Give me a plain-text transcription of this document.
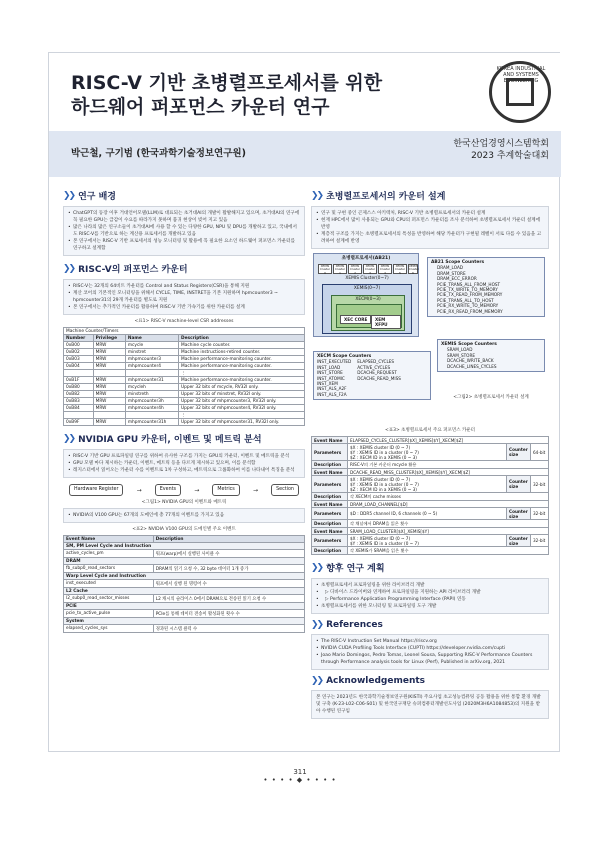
RISC-V 기반 초병렬프로세서를 위한
하드웨어 퍼포먼스 카운터 연구
KOREA INDUSTRIAL AND SYSTEMS ENGINEERING
박근철, 구기범 (한국과학기술정보연구원)
한국산업경영시스템학회
2023 추계학술대회
❯❯ 연구 배경
• ChatGPT의 등장 이후 거대언어모델(LLM)로 대표되는 초거대AI의 개발이 활발해지고 있으며, 초거대AI의 연구에 꼭 필요한 GPU는 급감이 수요를 따라가지 못하며 품귀 현상이 빚어 지고 있음
• 많은 나라의 많은 연구소들이 초거대AI에 사용 할 수 있는 다양한 GPU, NPU 및 DPU를 개발하고 있고, 국내에서도 RISC-V를 기반으로 하는 계산용 프로세서를 개발하고 있음
• 본 연구에서는 RISC-V 기반 프로세서의 성능 모니터링 및 활용에 꼭 필요한 요소인 하드웨어 퍼포먼스 카운터를 연구하고 설계함
❯❯ RISC-V의 퍼포먼스 카운터
• RISC-V는 32개의 64비트 카운터를 Control and Status Registers(CSR)을 통해 지원
• 계산 코어의 기본적인 모니터링을 위해서 CYCLE, TIME, INSTRET을 기본 지원하며 hpmcounter3 ~ hpmcounter31의 29개 카운터를 별도로 지원
• 본 연구에서는 추가적인 카운터를 활용하여 RISC-V 기반 가속기를 위한 카운터를 설계
<표1> RISC-V machine-level CSR addresses
Machine Counter/Timers			
Number	Privilege	Name	Description
0xB00	MRW	mcycle	Machine cycle counter.
0xB02	MRW	minstret	Machine instructions-retired counter.
0xB03	MRW	mhpmcounter3	Machine performance-monitoring counter.
0xB04	MRW	mhpmcounter4	Machine performance-monitoring counter.
			⋮
0xB1F	MRW	mhpmcounter31	Machine performance-monitoring counter.
0xB80	MRW	mcycleh	Upper 32 bits of mcycle, RV32I only.
0xB82	MRW	minstreth	Upper 32 bits of minstret, RV32I only.
0xB83	MRW	mhpmcounter3h	Upper 32 bits of mhpmcounter3, RV32I only.
0xB84	MRW	mhpmcounter4h	Upper 32 bits of mhpmcounter4, RV32I only.
			⋮
0xB9F	MRW	mhpmcounter31h	Upper 32 bits of mhpmcounter31, RV32I only.
❯❯ NVIDIA GPU 카운터, 이벤트 및 메트릭 분석
• RISC-V 기반 GPU 프로파일링 연구를 위하여 유사한 구조를 가지는 GPU의 카운터, 이벤트 및 메트릭을 분석
• GPU 모델 마다 제시하는 카운터, 이벤트, 메트릭 등을 다르게 제시하고 있으며, 이를 분석함
• 레지스터에서 읽어오는 카운터 수를 이벤트로 1차 구성하고, 메트릭으로 그룹화하여 이를 나타내어 특징을 분석
Hardware Register	→	Events	→	Metrics	→	Section
<그림1> NVIDIA GPU의 이벤트와 메트릭
• NVIDIA의 V100 GPU는 67개의 도메인에 총 77개의 이벤트를 가지고 있음
<표2> NVIDIA V100 GPU의 도메인별 주요 이벤트
Event Name	Description
SM, PM Level Cycle and Instruction	
active_cycles_pm	워프(warp)에서 실행된 사이클 수
DRAM	
fb_subp0_read_sectors	DRAM의 읽기 요청 수, 32 byte 데이터 1개 증가
Warp Level Cycle and Instruction	
inst_executed	워프에서 실행 된 명령어 수
L2 Cache	
l2_subp0_read_sector_misses	L2 캐시의 슬라이스 0에서 DRAM으로 전송된 읽기 요청 수
PCIE	
pcie_tx_active_pulse	PCIe를 통해 데이터 전송이 활성화된 횟수 수
System	
elapsed_cycles_sys	경과된 시스템 클럭 수
❯❯ 초병렬프로세서의 카운터 설계
• 연구 및 구현 중인 곤제스스 아키텍처, RISC-V 기반 초병렬프로세서의 카운터 설계
• 현재 HPC에서 많이 사용되는 GPU와 CPU의 퍼포먼스 카운터를 조사 분석하여 초병렬프로세서 카운터 설계에 반영
• 계층적 구조를 가지는 초병렬프로세서의 특성을 반영하여 해당 카운터가 구현될 레벨이 서로 다를 수 있음을 고려하여 설계에 반영
초병렬프로세서(AB21)
XEMIS Cluster 0
XEMIS Cluster 1
XEMIS Cluster 2
XEMIS Cluster 3
XEMIS Cluster 4
XEMIS Cluster 5
XEMIS Cluster 6
XEMIS Cluster(0~7)
XEMIS(0~7)
XECM(0~3)
XEC CORE	XEM XFPU
AB21 Scope Counters
DRAM_LOAD
DRAM_STORE
DRAM_ECC_ERROR
PCIE_TRANS_ALL_FROM_HOST
PCIE_TX_WRITE_TO_MEMORY
PCIE_TX_READ_FROM_MEMORY
PCIE_TRANS_ALL_TO_HOST
PCIE_RX_WRITE_TO_MEMORY
PCIE_RX_READ_FROM_MEMORY
XEMIS Scope Counters
SRAM_LOAD
SRAM_STORE
DCACHE_WRITE_BACK
DCACHE_LINES_CYCLES
XECM Scope Counters
INST_EXECUTED
INST_LOAD
INST_STORE
INST_ATOMIC
INST_XEM
INST_ALS_A2F
INST_ALS_F2A
ELAPSED_CYCLES
ACTIVE_CYCLES
DCACHE_REQUEST
DCACHE_READ_MISS
<그림2> 초병렬프로세서 카운터 설계
<표3> 초병렬프로세서 주요 퍼포먼스 카운터
Event Name	ELAPSED_CYCLES_CLUSTER[$X]_XEMIS[$Y]_XECM[$Z]		
Parameters	$X : XEMIS cluster ID (0 ~ 7)
$Y : XEMIS ID in a cluster (0 ~ 7)
$Z : XECM ID in a XEMIS (0 ~ 3)	Counter size	64-bit
Description	RISC-V의 기본 카운터 mcycle 활용		
Event Name	DCACHE_READ_MISS_CLUSTER[$X]_XEMIS[$Y]_XECM[$Z]		
Parameters	$X : XEMIS cluster ID (0 ~ 7)
$Y : XEMIS ID in a cluster (0 ~ 7)
$Z : XECM ID in a XEMIS (0 ~ 3)	Counter size	32-bit
Description	각 XECM의 cache misses		
Event Name	DRAM_LOAD_CHANNEL[$D]		
Parameters	$D : DDR5 channel ID, 6 channels (0 ~ 5)	Counter size	32-bit
Description	각 채널에서 DRAM을 읽은 횟수		
Event Name	SRAM_LOAD_CLUSTER[$X]_XEMIS[$Y]		
Parameters	$X : XEMIS cluster ID (0 ~ 7)
$Y : XEMIS ID in a cluster (0 ~ 7)	Counter size	32-bit
Description	각 XEMIS가 SRAM을 읽은 횟수		
❯❯ 향후 연구 계획
• 초병렬프로세서 프로파일링을 위한 라이브러리 개발
• ▷ 디바이스 드라이버와 연계하여 프로파일링을 지원하는 API 라이브러리 개발
• ▷ Performance Application Programming Interface (PAPI) 연동
• 초병렬프로세서를 위한 모니터링 및 프로파일링 도구 개발
❯❯ References
• The RISC-V Instruction Set Manual https://riscv.org
• NVIDIA CUDA Profiling Tools Interface (CUPTI) https://developer.nvidia.com/cupti
• Joao Mario Domingos, Pedro Tomas, Leonel Sousa, Supporting RISC-V Performance Counters through Performance analysis tools for Linux (Perf), Published in arXiv.org, 2021
❯❯ Acknowledgements
본 연구는 2023년도 한국과학기술정보연구원(KISTI) 주요사업 초고성능컴퓨팅 공동 활용을 위한 통합 환경 개발 및 구축 (K-23-L02-C06-S01) 및 한국연구재단 슈퍼컴퓨터개발선도사업 (2020M3H6A1084853)의 지원을 받아 수행된 연구임
311
• • • • ◆ • • • •
